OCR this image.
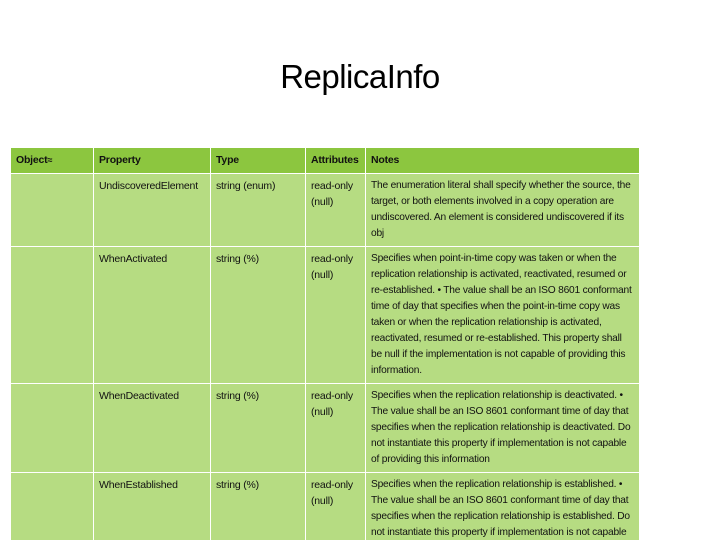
ReplicaInfo
Object≈	Property	Type	Attributes	Notes
	UndiscoveredElement	string (enum)	read-only (null)	The enumeration literal shall specify whether the source, the target, or both elements involved in a copy operation are undiscovered. An element is considered undiscovered if its obj
	WhenActivated	string (%)	read-only (null)	Specifies when point-in-time copy was taken or when the replication relationship is activated, reactivated, resumed or re-established. • The value shall be an ISO 8601 conformant time of day that specifies when the point-in-time copy was taken or when the replication relationship is activated, reactivated, resumed or re-established. This property shall be null if the implementation is not capable of providing this information.
	WhenDeactivated	string (%)	read-only (null)	Specifies when the replication relationship is deactivated. • The value shall be an ISO 8601 conformant time of day that specifies when the replication relationship is deactivated. Do not instantiate this property if implementation is not capable of providing this information
	WhenEstablished	string (%)	read-only (null)	Specifies when the replication relationship is established. • The value shall be an ISO 8601 conformant time of day that specifies when the replication relationship is established. Do not instantiate this property if implementation is not capable
